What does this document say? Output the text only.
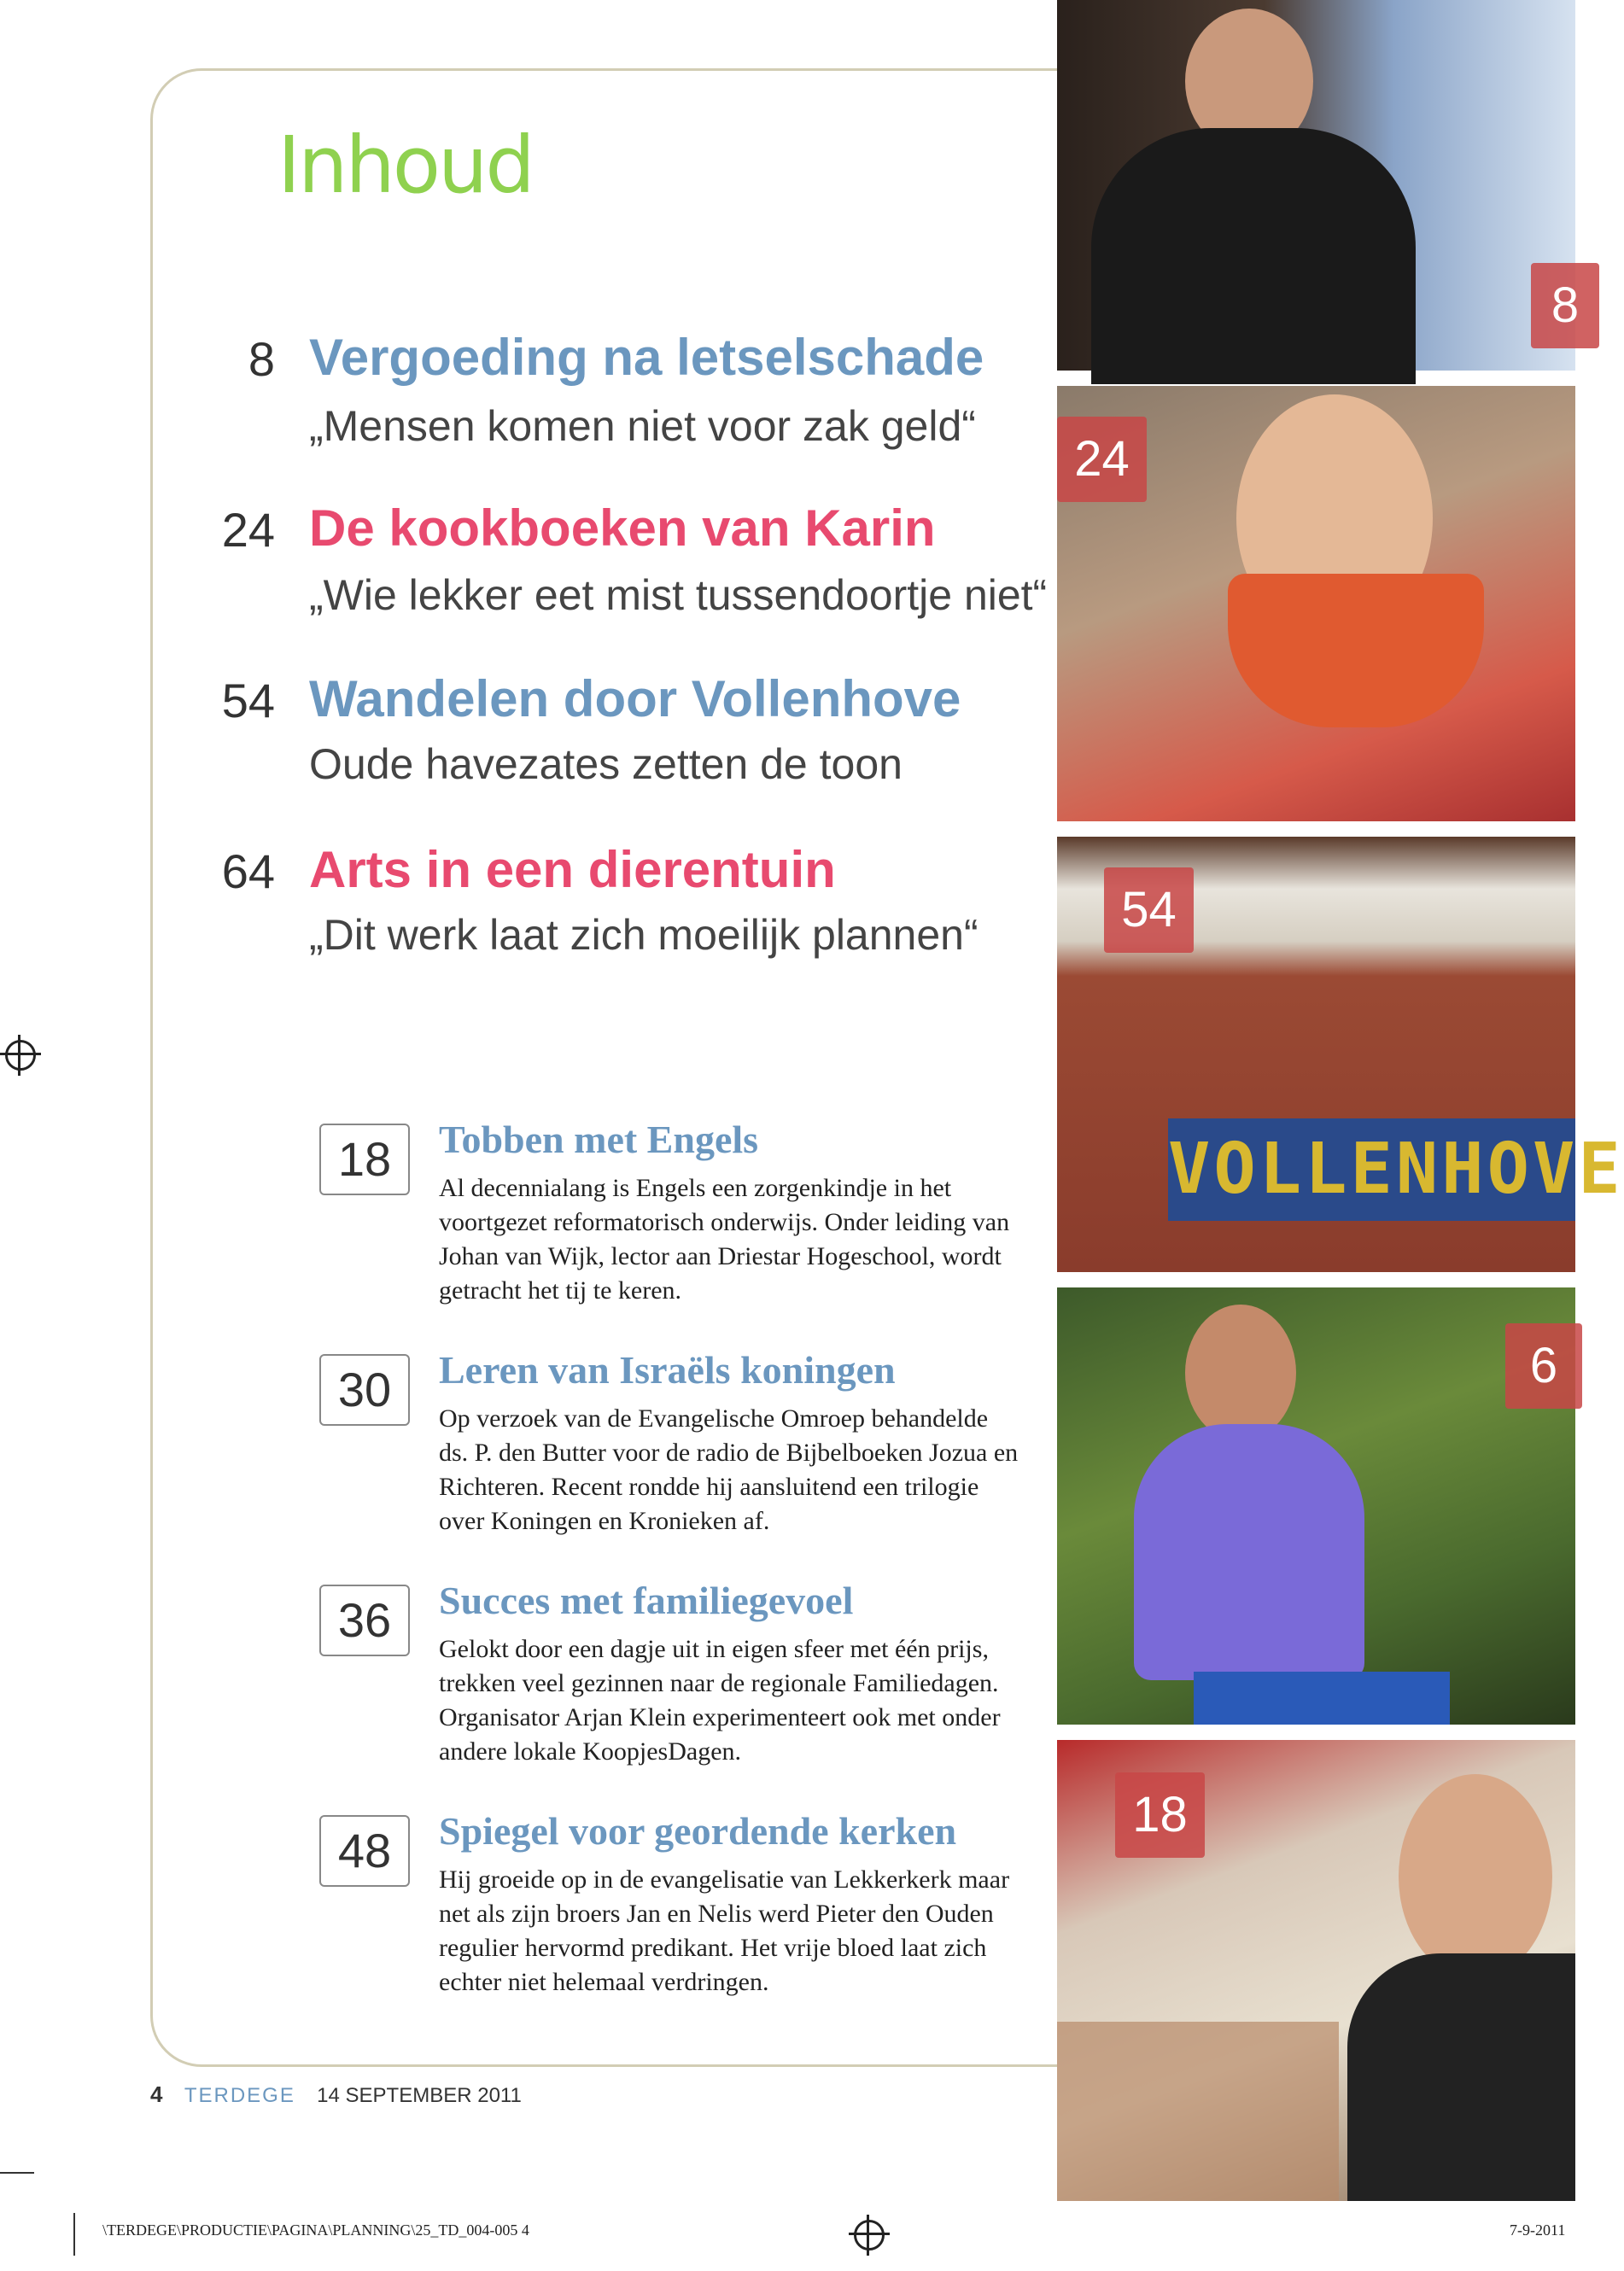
Inhoud
8 Vergoeding na letselschade
„Mensen komen niet voor zak geld“
24 De kookboeken van Karin
„Wie lekker eet mist tussendoortje niet“
54 Wandelen door Vollenhove
Oude havezates zetten de toon
64 Arts in een dierentuin
„Dit werk laat zich moeilijk plannen“
18	Tobben met Engels
Al decennialang is Engels een zorgenkindje in het voortgezet reformatorisch onderwijs. Onder leiding van Johan van Wijk, lector aan Driestar Hogeschool, wordt getracht het tij te keren.
30	Leren van Israëls koningen
Op verzoek van de Evangelische Omroep behandelde ds. P. den Butter voor de radio de Bijbelboeken Jozua en Richteren. Recent rondde hij aansluitend een trilogie over Koningen en Kronieken af.
36	Succes met familiegevoel
Gelokt door een dagje uit in eigen sfeer met één prijs, trekken veel gezinnen naar de regionale Familiedagen. Organisator Arjan Klein experimenteert ook met onder andere lokale KoopjesDagen.
48	Spiegel voor geordende kerken
Hij groeide op in de evangelisatie van Lekkerkerk maar net als zijn broers Jan en Nelis werd Pieter den Ouden regulier hervormd predikant. Het vrije bloed laat zich echter niet helemaal verdringen.
8
24
VOLLENHOVE
54
6
18
4 TERDEGE 14 SEPTEMBER 2011
\TERDEGE\PRODUCTIE\PAGINA\PLANNING\25_TD_004-005 4	7-9-2011
